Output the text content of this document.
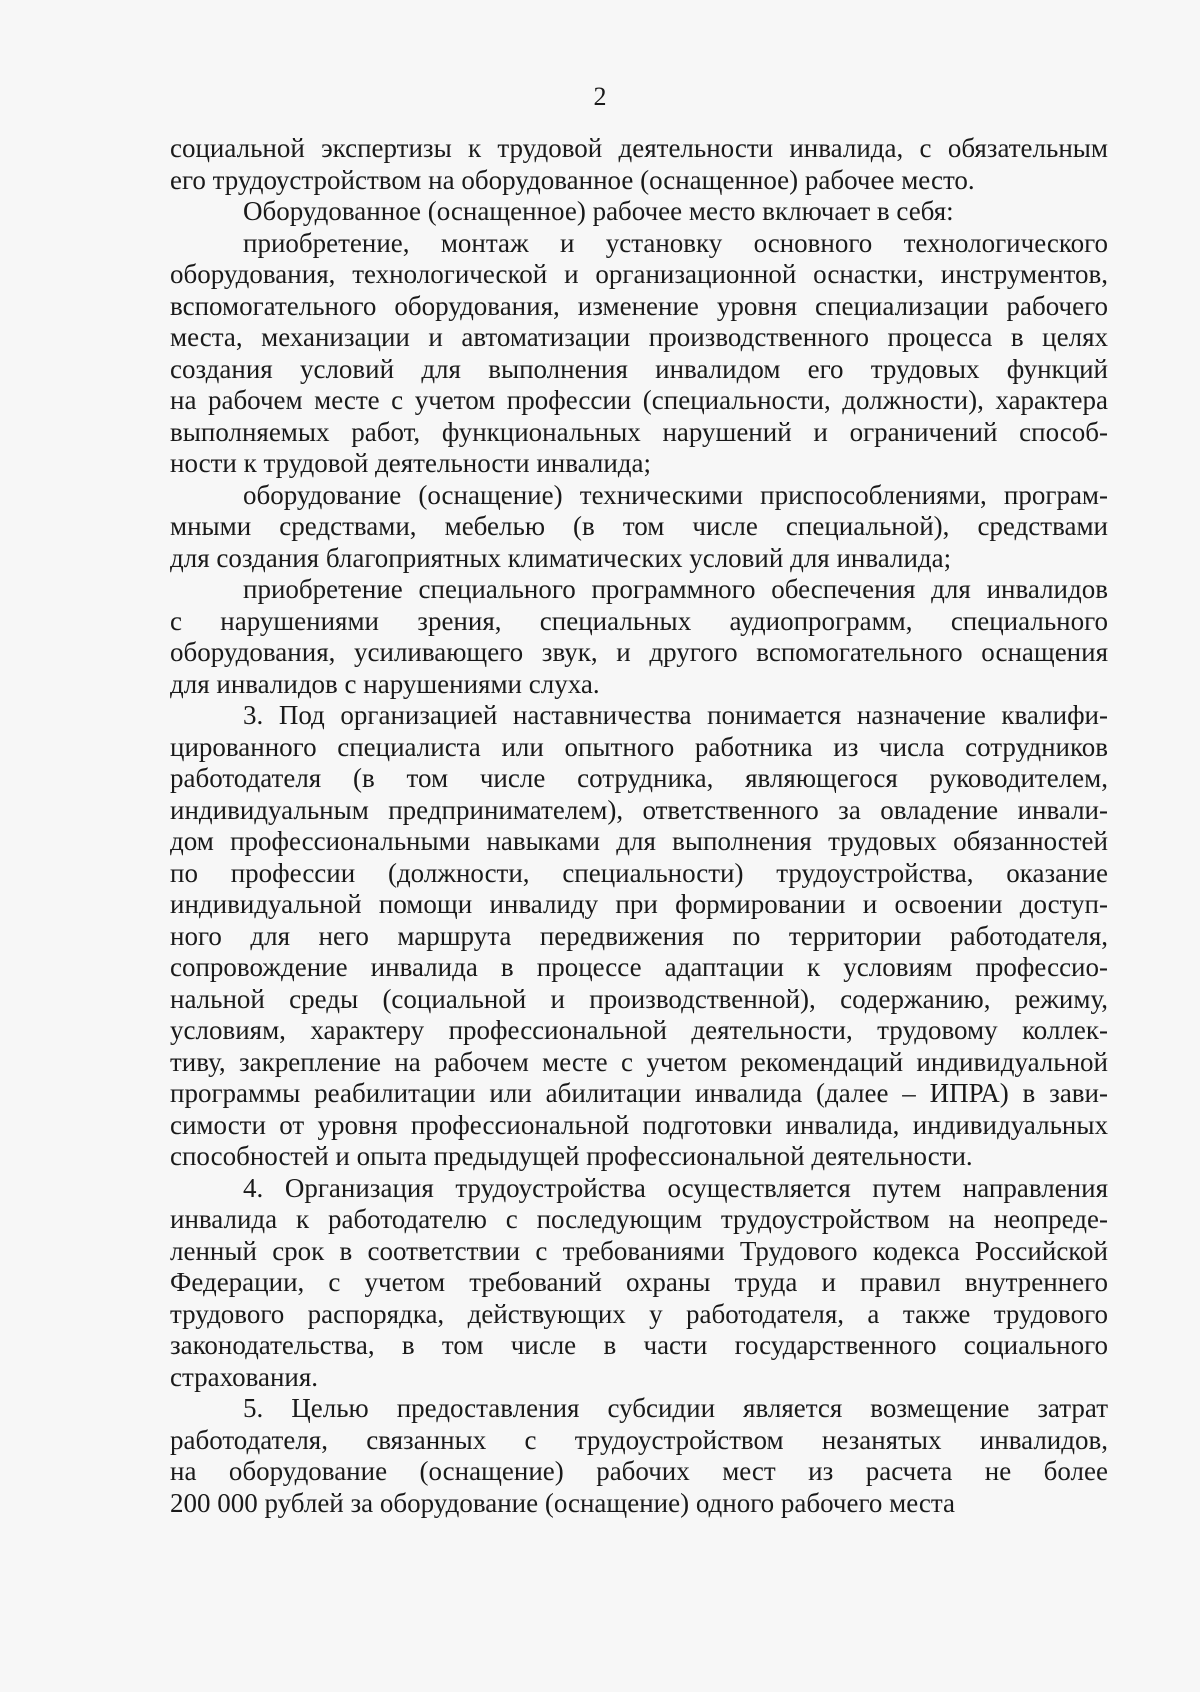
2
социальной экспертизы к трудовой деятельности инвалида, с обязательным
его трудоустройством на оборудованное (оснащенное) рабочее место.
Оборудованное (оснащенное) рабочее место включает в себя:
приобретение, монтаж и установку основного технологического
оборудования, технологической и организационной оснастки, инструментов,
вспомогательного оборудования, изменение уровня специализации рабочего
места, механизации и автоматизации производственного процесса в целях
создания условий для выполнения инвалидом его трудовых функций
на рабочем месте с учетом профессии (специальности, должности), характера
выполняемых работ, функциональных нарушений и ограничений способ-
ности к трудовой деятельности инвалида;
оборудование (оснащение) техническими приспособлениями, програм-
мными средствами, мебелью (в том числе специальной), средствами
для создания благоприятных климатических условий для инвалида;
приобретение специального программного обеспечения для инвалидов
с нарушениями зрения, специальных аудиопрограмм, специального
оборудования, усиливающего звук, и другого вспомогательного оснащения
для инвалидов с нарушениями слуха.
3. Под организацией наставничества понимается назначение квалифи-
цированного специалиста или опытного работника из числа сотрудников
работодателя (в том числе сотрудника, являющегося руководителем,
индивидуальным предпринимателем), ответственного за овладение инвали-
дом профессиональными навыками для выполнения трудовых обязанностей
по профессии (должности, специальности) трудоустройства, оказание
индивидуальной помощи инвалиду при формировании и освоении доступ-
ного для него маршрута передвижения по территории работодателя,
сопровождение инвалида в процессе адаптации к условиям профессио-
нальной среды (социальной и производственной), содержанию, режиму,
условиям, характеру профессиональной деятельности, трудовому коллек-
тиву, закрепление на рабочем месте с учетом рекомендаций индивидуальной
программы реабилитации или абилитации инвалида (далее – ИПРА) в зави-
симости от уровня профессиональной подготовки инвалида, индивидуальных
способностей и опыта предыдущей профессиональной деятельности.
4. Организация трудоустройства осуществляется путем направления
инвалида к работодателю с последующим трудоустройством на неопреде-
ленный срок в соответствии с требованиями Трудового кодекса Российской
Федерации, с учетом требований охраны труда и правил внутреннего
трудового распорядка, действующих у работодателя, а также трудового
законодательства, в том числе в части государственного социального
страхования.
5. Целью предоставления субсидии является возмещение затрат
работодателя, связанных с трудоустройством незанятых инвалидов,
на оборудование (оснащение) рабочих мест из расчета не более
200 000 рублей за оборудование (оснащение) одного рабочего места
